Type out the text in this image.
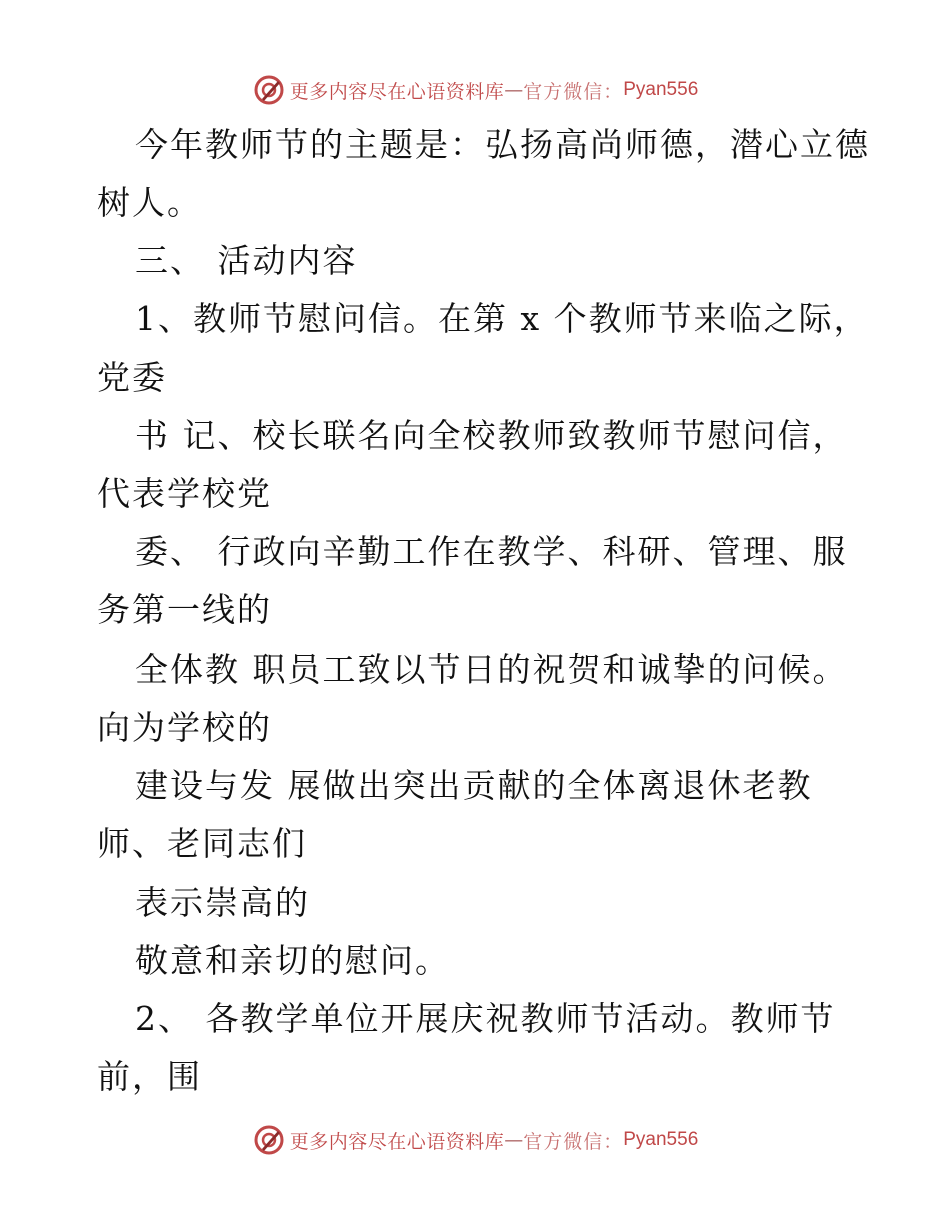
更多内容尽在心语资料库 — 官方微信： Pyan556
今年教师节的主题是：弘扬高尚师德，潜心立德
树人。
三、 活动内容
1、教师节慰问信。在第 x 个教师节来临之际，
党委
书 记、校长联名向全校教师致教师节慰问信，
代表学校党
委、 行政向辛勤工作在教学、科研、管理、服
务第一线的
全体教 职员工致以节日的祝贺和诚挚的问候。
向为学校的
建设与发 展做出突出贡献的全体离退休老教
师、老同志们
表示崇高的
敬意和亲切的慰问。
2、 各教学单位开展庆祝教师节活动。教师节
前，围
更多内容尽在心语资料库 — 官方微信： Pyan556
